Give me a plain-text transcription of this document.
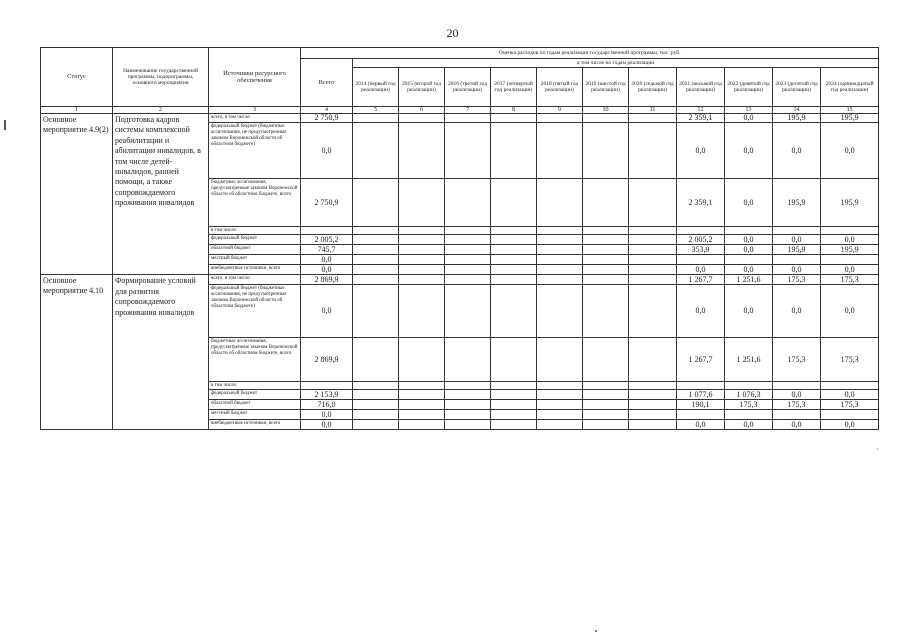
20
Статус	Наименование государственной программы, подпрограммы, основного мероприятия	Источники ресурсного обеспечения	Оценка расходов по годам реализации государственной программы, тыс. руб.											
			Всего	в том числе по годам реализации										
				2014 (первый год реализации)	2015 (второй год реализации)	2016 (третий год реализации)	2017 (четвертый год реализации)	2018 (пятый год реализации)	2019 (шестой год реализации)	2020 (седьмой год реализации)	2021 (восьмой год реализации)	2022 (девятый год реализации)	2023 (десятый год реализации)	2024 (одиннадцатый год реализации)
1	2	3	4	5	6	7	8	9	10	11	12	13	14	15
Основное мероприятие 4.9(2)	Подготовка кадров системы комплексной реабилитации и абилитации инвалидов, в том числе детей-инвалидов, ранней помощи, а также сопровождаемого проживания инвалидов	всего, в том числе:	2 750,9								2 359,1	0,0	195,9	195,9
		федеральный бюджет (бюджетные ассигнования, не предусмотренные законом Воронежской области об областном бюджете)	0,0								0,0	0,0	0,0	0,0
		бюджетные ассигнования, предусмотренные законом Воронежской области об областном бюджете, всего	2 750,9								2 359,1	0,0	195,9	195,9
		в том числе:												
		федеральный бюджет	2 005,2								2 005,2	0,0	0,0	0,0
		областной бюджет	745,7								353,9	0,0	195,9	195,9
		местный бюджет	0,0											
		внебюджетные источники, всего	0,0								0,0	0,0	0,0	0,0
Основное мероприятие 4.10	Формирование условий для развития сопровождаемого проживания инвалидов	всего, в том числе:	2 869,9								1 267,7	1 251,6	175,3	175,3
		федеральный бюджет (бюджетные ассигнования, не предусмотренные законом Воронежской области об областном бюджете)	0,0								0,0	0,0	0,0	0,0
		бюджетные ассигнования, предусмотренные законом Воронежской области об областном бюджете, всего	2 869,9								1 267,7	1 251,6	175,3	175,3
		в том числе:												
		федеральный бюджет	2 153,9								1 077,6	1 076,3	0,0	0,0
		областной бюджет	716,0								190,1	175,3	175,3	175,3
		местный бюджет	0,0											
		внебюджетные источники, всего	0,0								0,0	0,0	0,0	0,0
·
